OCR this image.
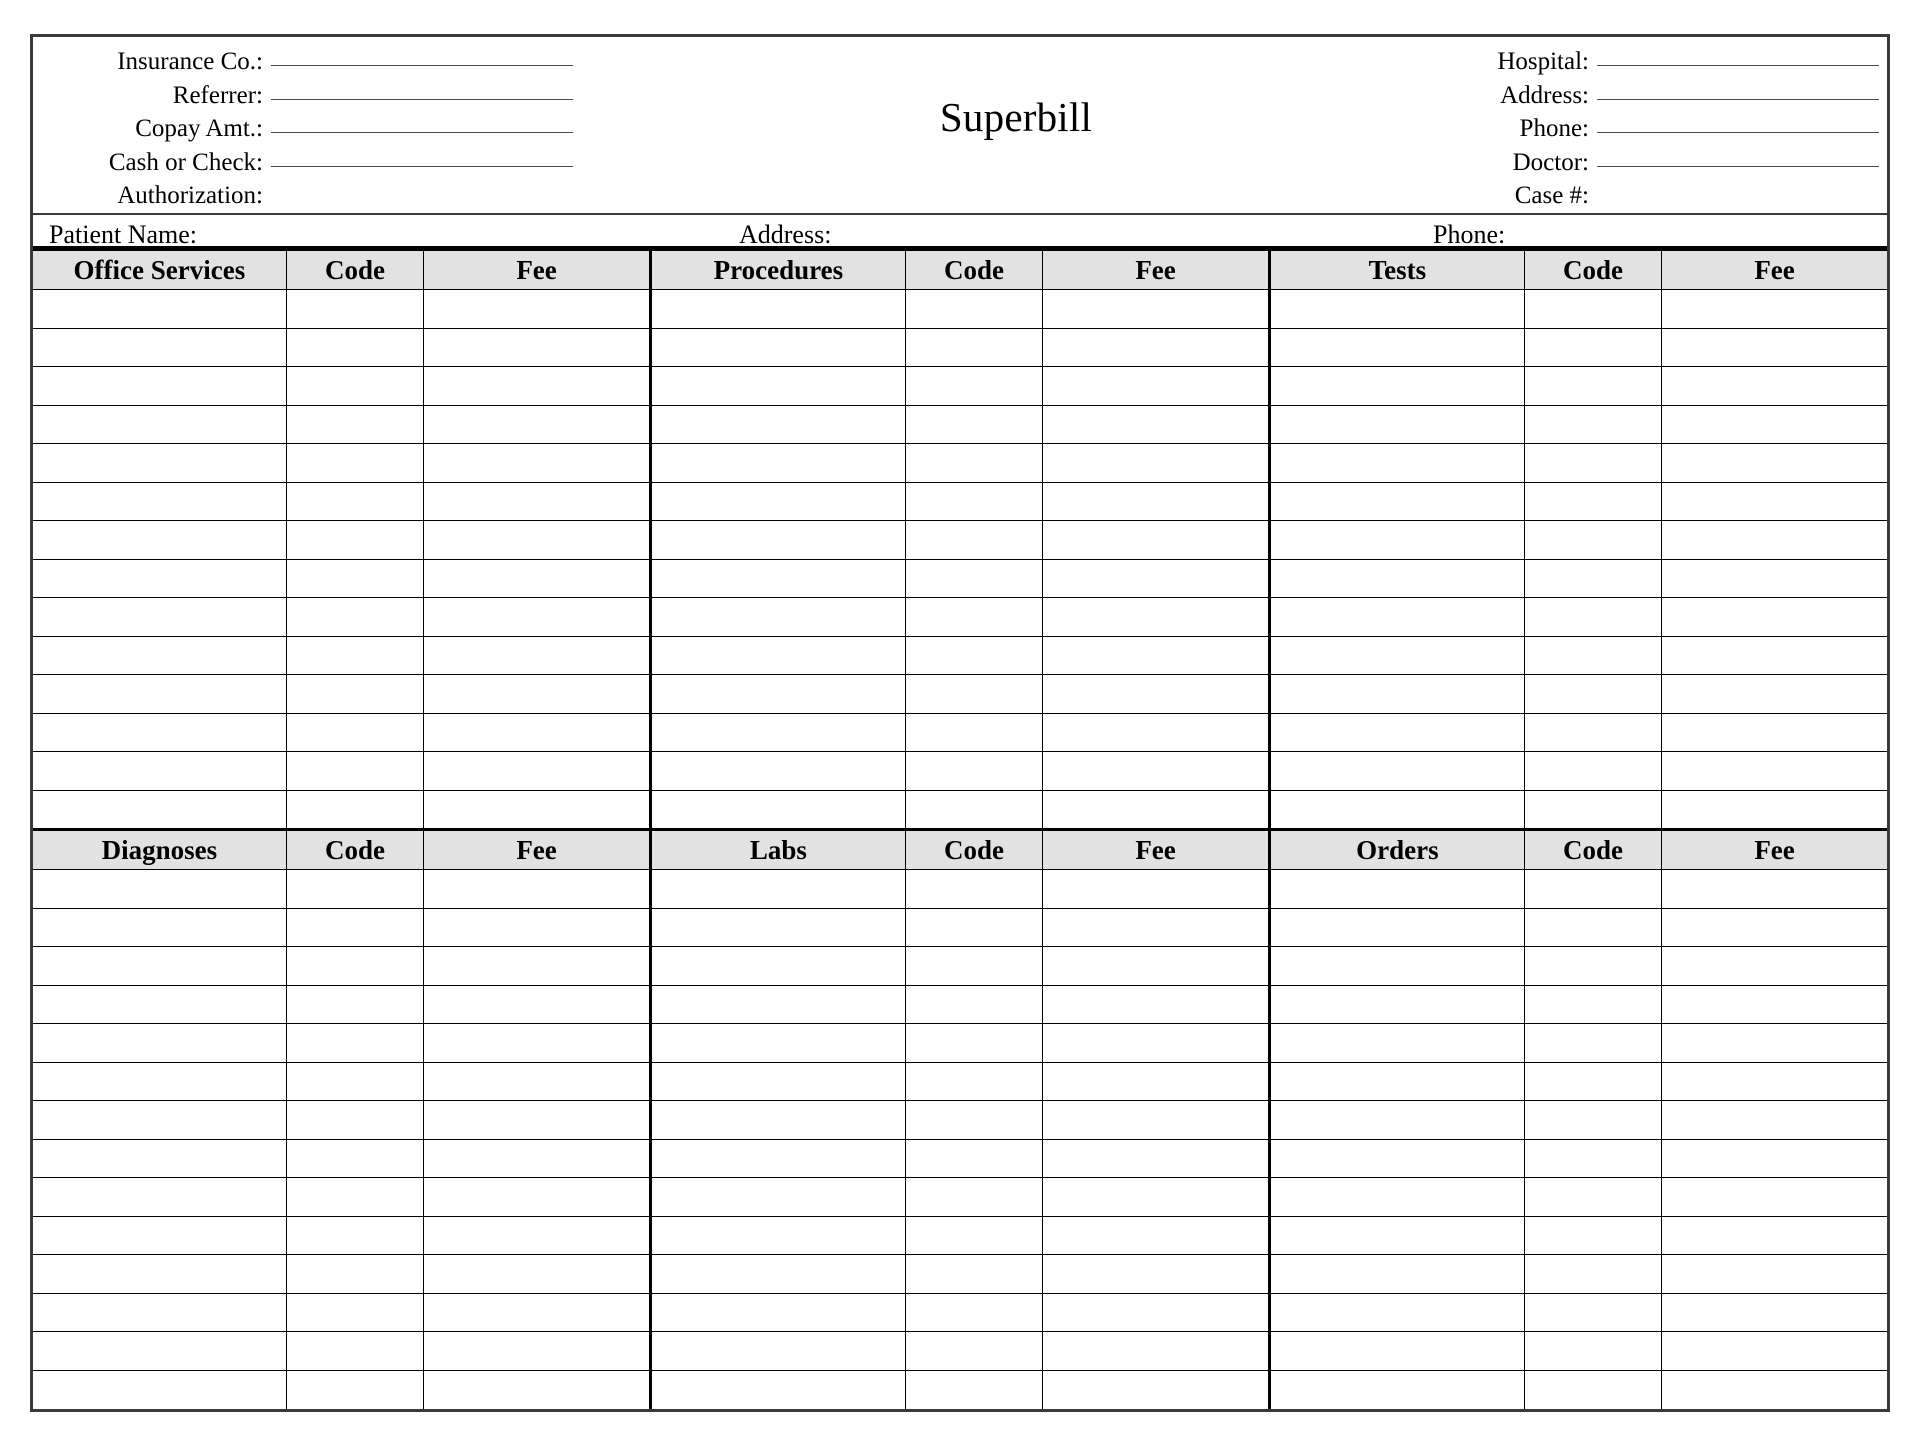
Insurance Co.:
Referrer:
Copay Amt.:
Cash or Check:
Authorization:
Superbill
Hospital:
Address:
Phone:
Doctor:
Case #:
Patient Name:	Address:	Phone:
Office Services	Code	Fee	Procedures	Code	Fee	Tests	Code	Fee
Diagnoses	Code	Fee	Labs	Code	Fee	Orders	Code	Fee
